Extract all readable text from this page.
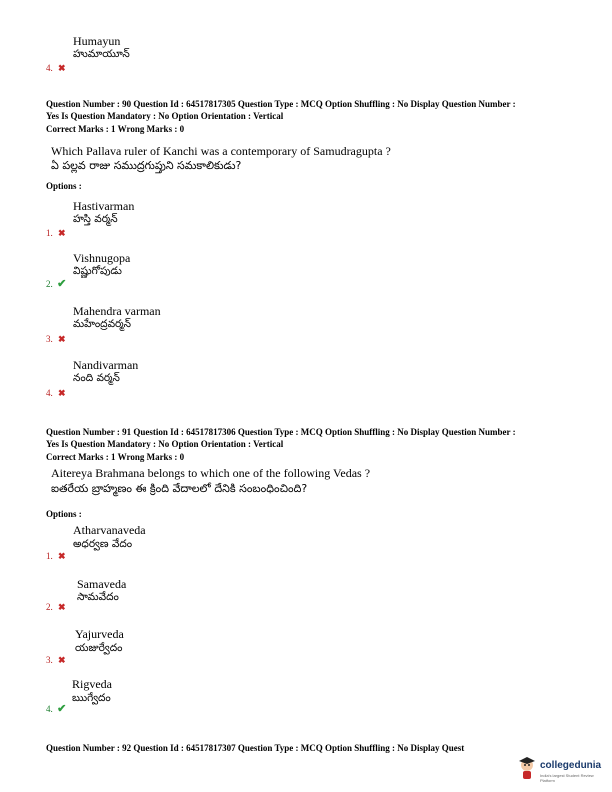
Humayun
హుమాయూన్
4. ✖
Question Number : 90 Question Id : 64517817305 Question Type : MCQ Option Shuffling : No Display Question Number :
Yes Is Question Mandatory : No Option Orientation : Vertical
Correct Marks : 1 Wrong Marks : 0
Which Pallava ruler of Kanchi was a contemporary of Samudragupta ?
ఏ పల్లవ రాజు సముద్రగుప్తుని సమకాలికుడు?
Options :
Hastivarman
హస్తి వర్మన్
1. ✖
Vishnugopa
విష్ణుగోపుడు
2. ✔
Mahendra varman
మహేంద్రవర్మన్
3. ✖
Nandivarman
నంది వర్మన్
4. ✖
Question Number : 91 Question Id : 64517817306 Question Type : MCQ Option Shuffling : No Display Question Number :
Yes Is Question Mandatory : No Option Orientation : Vertical
Correct Marks : 1 Wrong Marks : 0
Aitereya Brahmana belongs to which one of the following Vedas ?
ఐతరేయ బ్రాహ్మణం ఈ క్రింది వేదాలలో దేనికి సంబంధించింది?
Options :
Atharvanaveda
అధర్వణ వేదం
1. ✖
Samaveda
సామవేదం
2. ✖
Yajurveda
యజుర్వేదం
3. ✖
Rigveda
ఋగ్వేదం
4. ✔
Question Number : 92 Question Id : 64517817307 Question Type : MCQ Option Shuffling : No Display Quest
collegedunia
India's largest Student Review Platform
